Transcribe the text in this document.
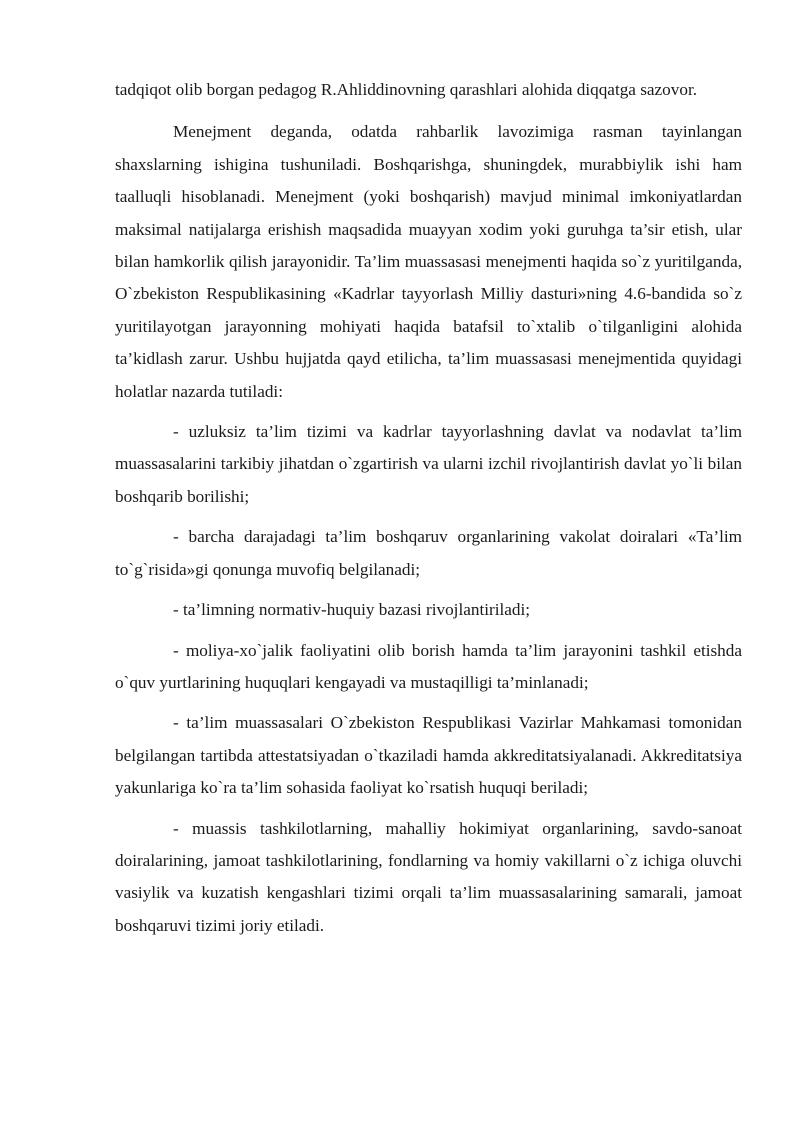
tadqiqot olib borgan pedagog R.Ahliddinovning qarashlari alohida diqqatga sazovor.

Menejment deganda, odatda rahbarlik lavozimiga rasman tayinlangan shaxslarning ishigina tushuniladi. Boshqarishga, shuningdek, murabbiylik ishi ham taalluqli hisoblanadi. Menejment (yoki boshqarish) mavjud minimal imkoniyatlardan maksimal natijalarga erishish maqsadida muayyan xodim yoki guruhga ta’sir etish, ular bilan hamkorlik qilish jarayonidir. Ta’lim muassasasi menejmenti haqida so`z yuritilganda, O`zbekiston Respublikasining «Kadrlar tayyorlash Milliy dasturi»ning 4.6-bandida so`z yuritilayotgan jarayonning mohiyati haqida batafsil to`xtalib o`tilganligini alohida ta’kidlash zarur. Ushbu hujjatda qayd etilicha, ta’lim muassasasi menejmentida quyidagi holatlar nazarda tutiladi:

- uzluksiz ta’lim tizimi va kadrlar tayyorlashning davlat va nodavlat ta’lim muassasalarini tarkibiy jihatdan o`zgartirish va ularni izchil rivojlantirish davlat yo`li bilan boshqarib borilishi;

- barcha darajadagi ta’lim boshqaruv organlarining vakolat doiralari «Ta’lim to`g`risida»gi qonunga muvofiq belgilanadi;

- ta’limning normativ-huquiy bazasi rivojlantiriladi;

- moliya-xo`jalik faoliyatini olib borish hamda ta’lim jarayonini tashkil etishda o`quv yurtlarining huquqlari kengayadi va mustaqilligi ta’minlanadi;

- ta’lim muassasalari O`zbekiston Respublikasi Vazirlar Mahkamasi tomonidan belgilangan tartibda attestatsiyadan o`tkaziladi hamda akkreditatsiyalanadi. Akkreditatsiya yakunlariga ko`ra ta’lim sohasida faoliyat ko`rsatish huquqi beriladi;

- muassis tashkilotlarning, mahalliy hokimiyat organlarining, savdo-sanoat doiralarining, jamoat tashkilotlarining, fondlarning va homiy vakillarni o`z ichiga oluvchi vasiylik va kuzatish kengashlari tizimi orqali ta’lim muassasalarining samarali, jamoat boshqaruvi tizimi joriy etiladi.
